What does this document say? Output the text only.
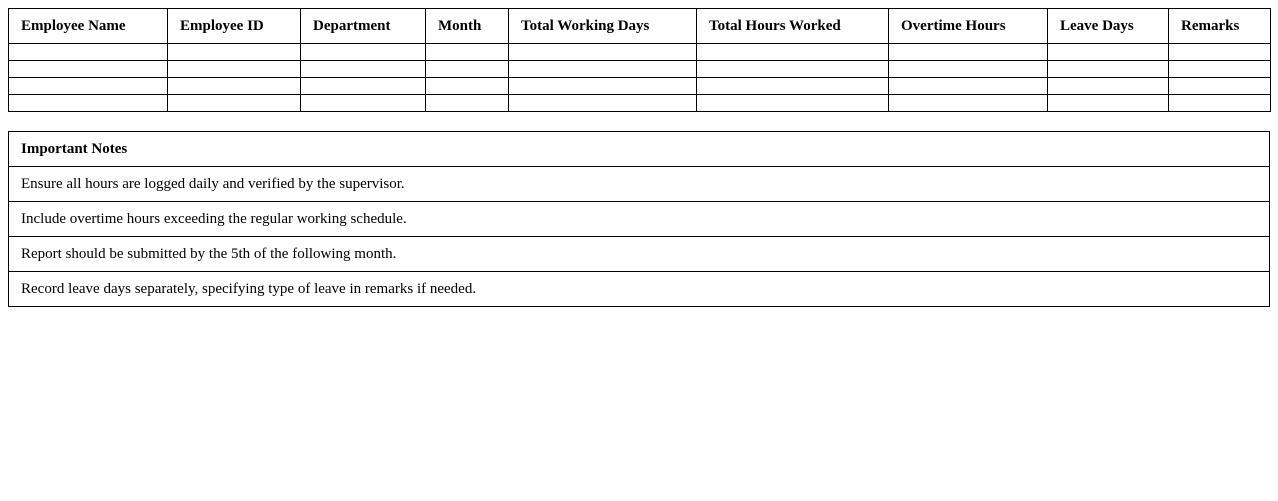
Employee Name	Employee ID	Department	Month	Total Working Days	Total Hours Worked	Overtime Hours	Leave Days	Remarks

Important Notes
Ensure all hours are logged daily and verified by the supervisor.
Include overtime hours exceeding the regular working schedule.
Report should be submitted by the 5th of the following month.
Record leave days separately, specifying type of leave in remarks if needed.
